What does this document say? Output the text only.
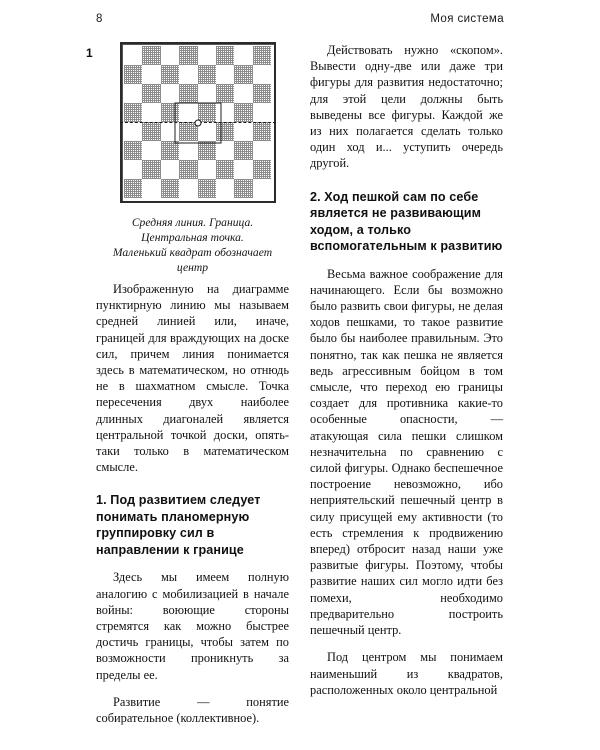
8	Моя система
1
Средняя линия. Граница.
Центральная точка.
Маленький квадрат обозначает
центр

Изображенную на диаграмме пунктирную линию мы называем средней линией или, иначе, границей для враждующих на доске сил, причем линия понимается здесь в математическом, но отнюдь не в шахматном смысле. Точка пересечения двух наиболее длинных диагоналей является центральной точкой доски, опять-таки только в математическом смысле.

1. Под развитием следует понимать планомерную группировку сил в направлении к границе

Здесь мы имеем полную аналогию с мобилизацией в начале войны: воюющие стороны стремятся как можно быстрее достичь границы, чтобы затем по возможности проникнуть за пределы ее.

Развитие — понятие собирательное (коллективное).

Действовать нужно «скопом». Вывести одну-две или даже три фигуры для развития недостаточно; для этой цели должны быть выведены все фигуры. Каждой же из них полагается сделать только один ход и... уступить очередь другой.

2. Ход пешкой сам по себе является не развивающим ходом, а только вспомогательным к развитию

Весьма важное соображение для начинающего. Если бы возможно было развить свои фигуры, не делая ходов пешками, то такое развитие было бы наиболее правильным. Это понятно, так как пешка не является ведь агрессивным бойцом в том смысле, что переход ею границы создает для противника какие-то особенные опасности, — атакующая сила пешки слишком незначительна по сравнению с силой фигуры. Однако беспешечное построение невозможно, ибо неприятельский пешечный центр в силу присущей ему активности (то есть стремления к продвижению вперед) отбросит назад наши уже развитые фигуры. Поэтому, чтобы развитие наших сил могло идти без помехи, необходимо предварительно построить пешечный центр.

Под центром мы понимаем наименьший из квадратов, расположенных около центральной
